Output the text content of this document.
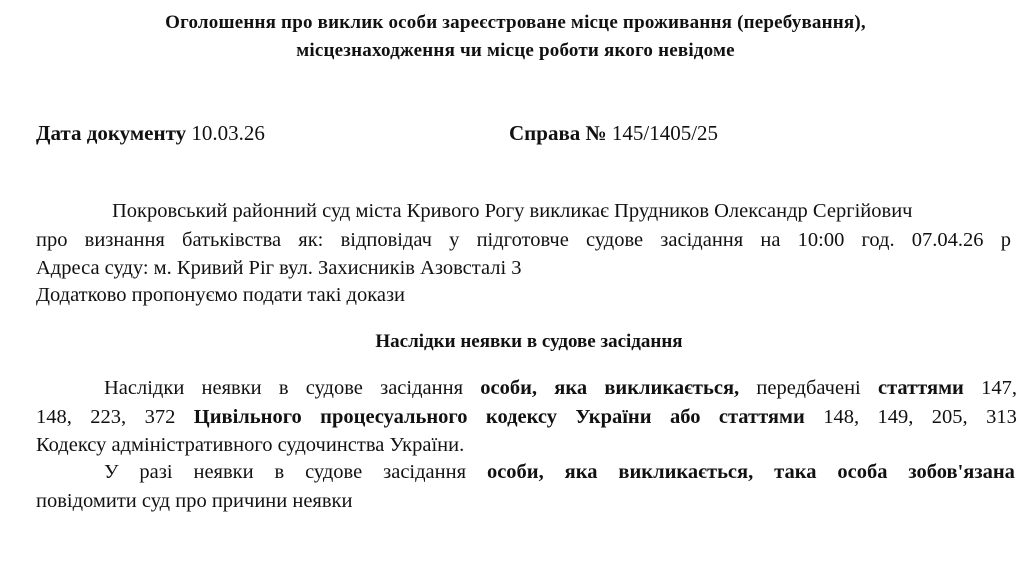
Оголошення про виклик особи зареєстроване місце проживання (перебування),
місцезнаходження чи місце роботи якого невідоме
Дата документу 10.03.26	Справа № 145/1405/25
Покровський районний суд міста Кривого Рогу викликає Прудников Олександр Сергійович
про визнання батьківства як: відповідач у підготовче судове засідання на 10:00 год. 07.04.26 р
Адреса суду: м. Кривий Ріг вул. Захисників Азовсталі 3
Додатково пропонуємо подати такі докази
Наслідки неявки в судове засідання
Наслідки неявки в судове засідання особи, яка викликається, передбачені статтями 147,
148, 223, 372 Цивільного процесуального кодексу України або статтями 148, 149, 205, 313
Кодексу адміністративного судочинства України.
У разі неявки в судове засідання особи, яка викликається, така особа зобов'язана
повідомити суд про причини неявки
